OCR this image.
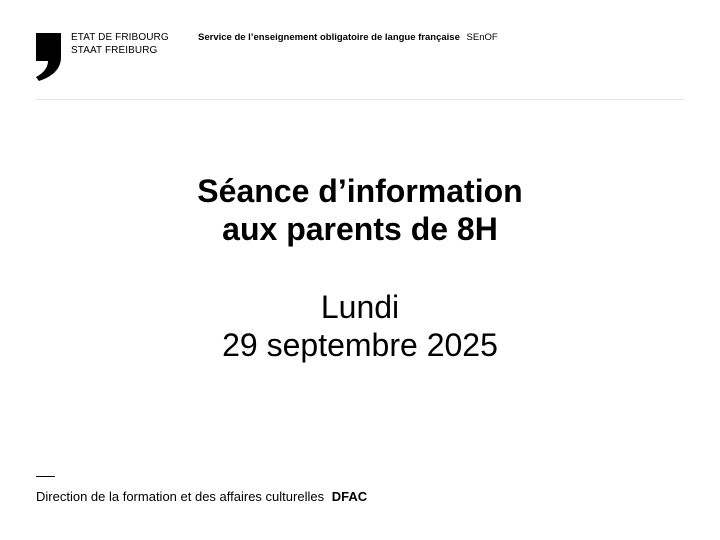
ETAT DE FRIBOURG
STAAT FREIBURG
Service de l’enseignement obligatoire de langue française SEnOF
Séance d’information
aux parents de 8H
Lundi
29 septembre 2025
Direction de la formation et des affaires culturelles DFAC
